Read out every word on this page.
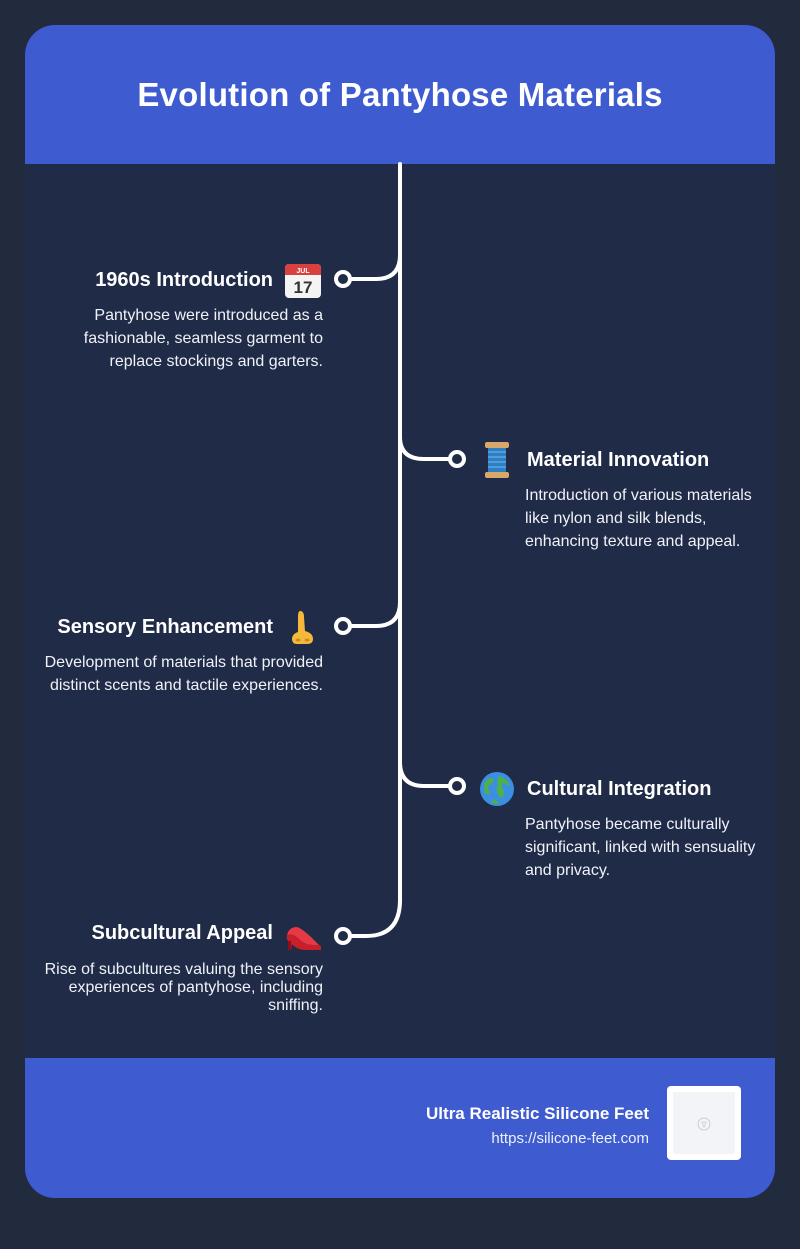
Evolution of Pantyhose Materials
1960s Introduction	JUL
17
Pantyhose were introduced as a fashionable, seamless garment to replace stockings and garters.
Material Innovation
Introduction of various materials like nylon and silk blends, enhancing texture and appeal.
Sensory Enhancement
Development of materials that provided distinct scents and tactile experiences.
Cultural Integration
Pantyhose became culturally significant, linked with sensuality and privacy.
Subcultural Appeal
Rise of subcultures valuing the sensory experiences of pantyhose, including sniffing.
Ultra Realistic Silicone Feet
https://silicone-feet.com
